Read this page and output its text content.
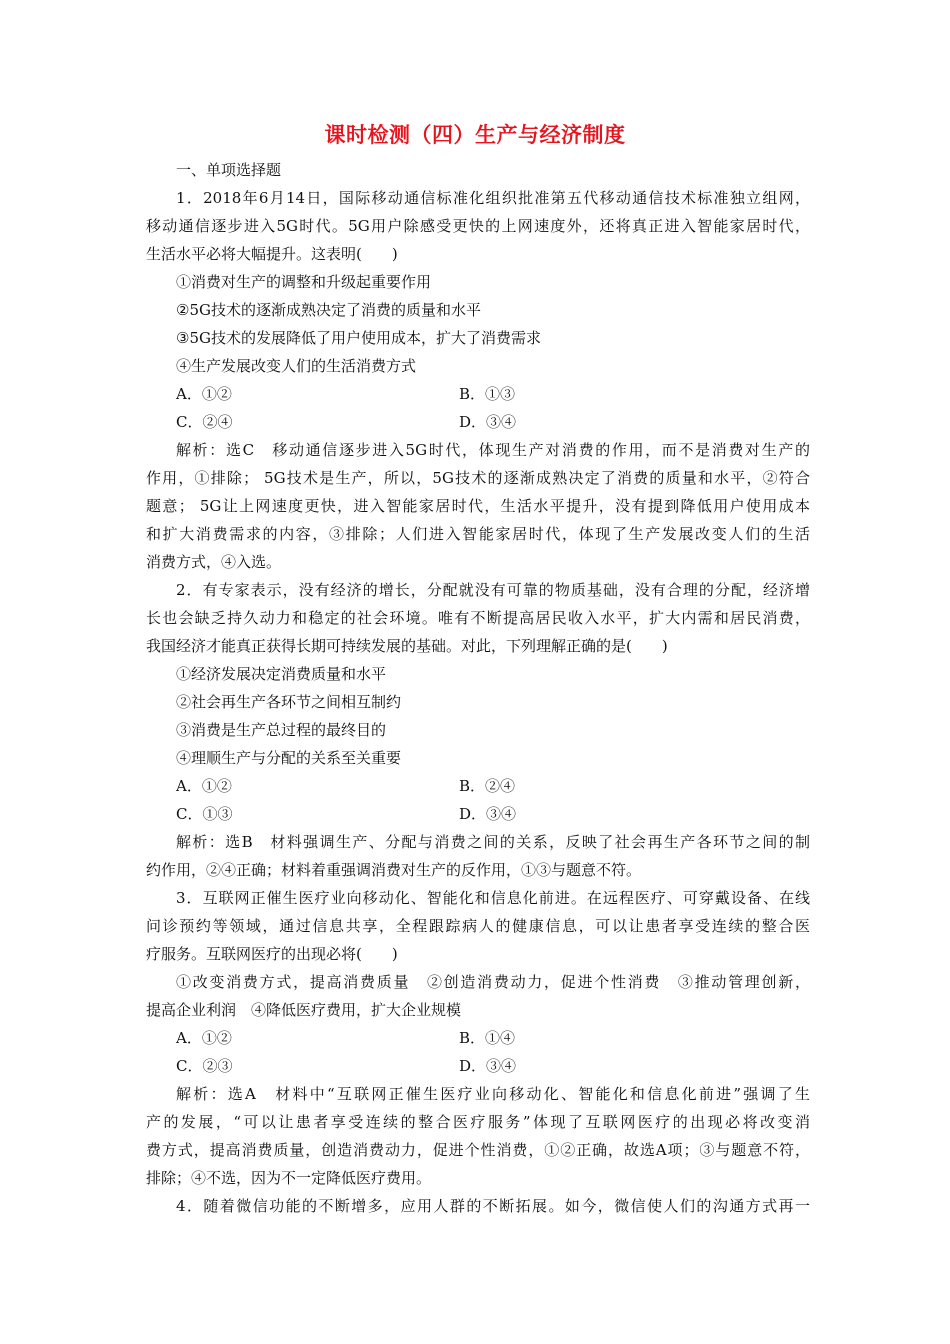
课时检测（四）生产与经济制度
一、单项选择题
1．2018年6月14日，国际移动通信标准化组织批准第五代移动通信技术标准独立组网，
移动通信逐步进入5G时代。5G用户除感受更快的上网速度外，还将真正进入智能家居时代，
生活水平必将大幅提升。这表明(　　)
①消费对生产的调整和升级起重要作用
②5G技术的逐渐成熟决定了消费的质量和水平
③5G技术的发展降低了用户使用成本，扩大了消费需求
④生产发展改变人们的生活消费方式
A．①②	B．①③
C．②④	D．③④
解析：选C　移动通信逐步进入5G时代，体现生产对消费的作用，而不是消费对生产的
作用，①排除； 5G技术是生产，所以，5G技术的逐渐成熟决定了消费的质量和水平，②符合
题意； 5G让上网速度更快，进入智能家居时代，生活水平提升，没有提到降低用户使用成本
和扩大消费需求的内容，③排除；人们进入智能家居时代，体现了生产发展改变人们的生活
消费方式，④入选。
2．有专家表示，没有经济的增长，分配就没有可靠的物质基础，没有合理的分配，经济增
长也会缺乏持久动力和稳定的社会环境。唯有不断提高居民收入水平，扩大内需和居民消费，
我国经济才能真正获得长期可持续发展的基础。对此，下列理解正确的是(　　)
①经济发展决定消费质量和水平
②社会再生产各环节之间相互制约
③消费是生产总过程的最终目的
④理顺生产与分配的关系至关重要
A．①②	B．②④
C．①③	D．③④
解析：选B　材料强调生产、分配与消费之间的关系，反映了社会再生产各环节之间的制
约作用，②④正确；材料着重强调消费对生产的反作用，①③与题意不符。
3．互联网正催生医疗业向移动化、智能化和信息化前进。在远程医疗、可穿戴设备、在线
问诊预约等领域，通过信息共享，全程跟踪病人的健康信息，可以让患者享受连续的整合医
疗服务。互联网医疗的出现必将(　　)
①改变消费方式，提高消费质量　②创造消费动力，促进个性消费　③推动管理创新，
提高企业利润　④降低医疗费用，扩大企业规模
A．①②	B．①④
C．②③	D．③④
解析：选A　材料中“互联网正催生医疗业向移动化、智能化和信息化前进”强调了生
产的发展，“可以让患者享受连续的整合医疗服务”体现了互联网医疗的出现必将改变消
费方式，提高消费质量，创造消费动力，促进个性消费，①②正确，故选A项；③与题意不符，
排除；④不选，因为不一定降低医疗费用。
4．随着微信功能的不断增多，应用人群的不断拓展。如今，微信使人们的沟通方式再一
